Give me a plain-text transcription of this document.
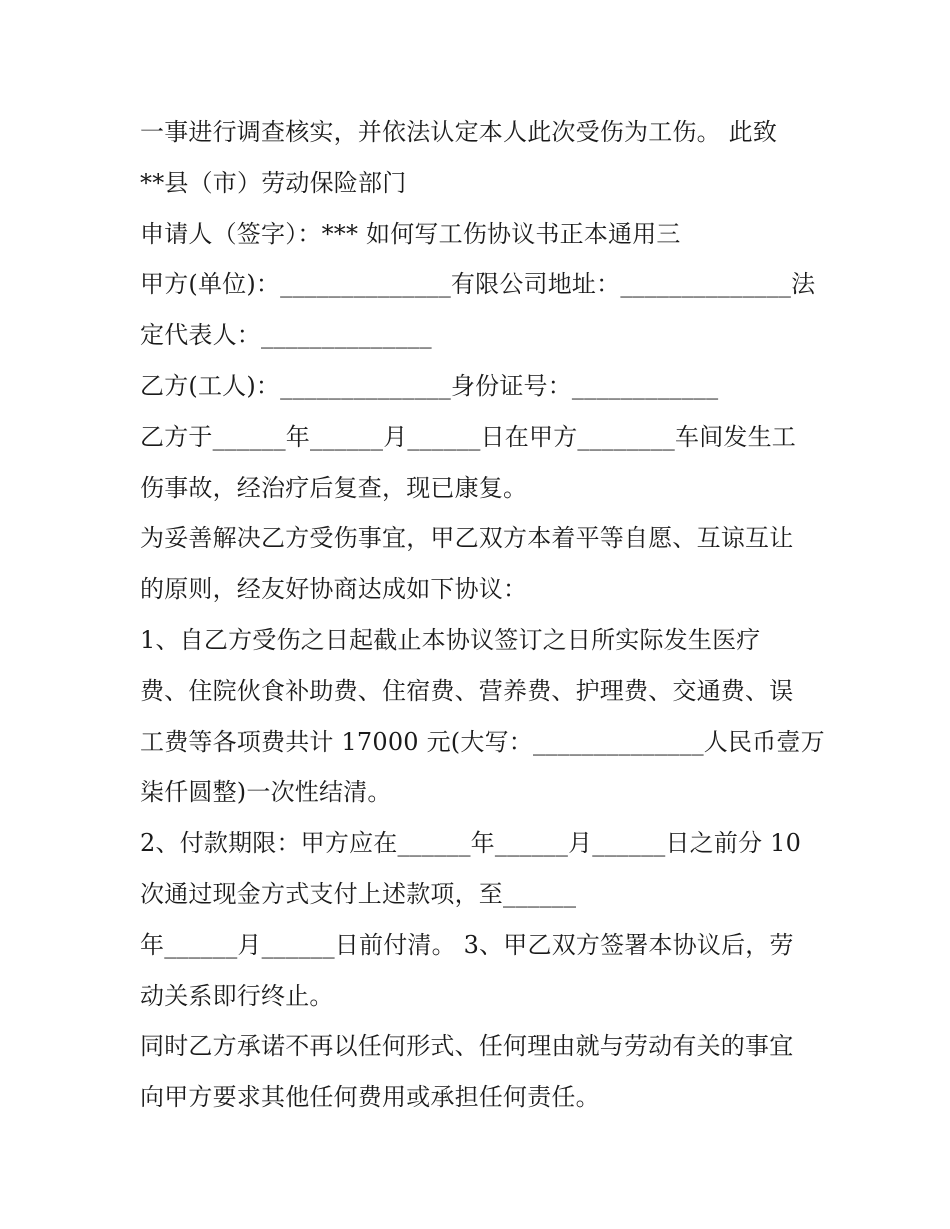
一事进行调查核实，并依法认定本人此次受伤为工伤。 此致
**县（市）劳动保险部门
申请人（签字）：*** 如何写工伤协议书正本通用三
甲方(单位)：______________有限公司地址：______________法
定代表人：______________
乙方(工人)：______________身份证号：____________
乙方于______年______月______日在甲方________车间发生工
伤事故，经治疗后复查，现已康复。
为妥善解决乙方受伤事宜，甲乙双方本着平等自愿、互谅互让
的原则，经友好协商达成如下协议：
1、自乙方受伤之日起截止本协议签订之日所实际发生医疗
费、住院伙食补助费、住宿费、营养费、护理费、交通费、误
工费等各项费共计 17000 元(大写：______________人民币壹万
柒仟圆整)一次性结清。
2、付款期限：甲方应在______年______月______日之前分 10
次通过现金方式支付上述款项，至______
年______月______日前付清。 3、甲乙双方签署本协议后，劳
动关系即行终止。
同时乙方承诺不再以任何形式、任何理由就与劳动有关的事宜
向甲方要求其他任何费用或承担任何责任。
